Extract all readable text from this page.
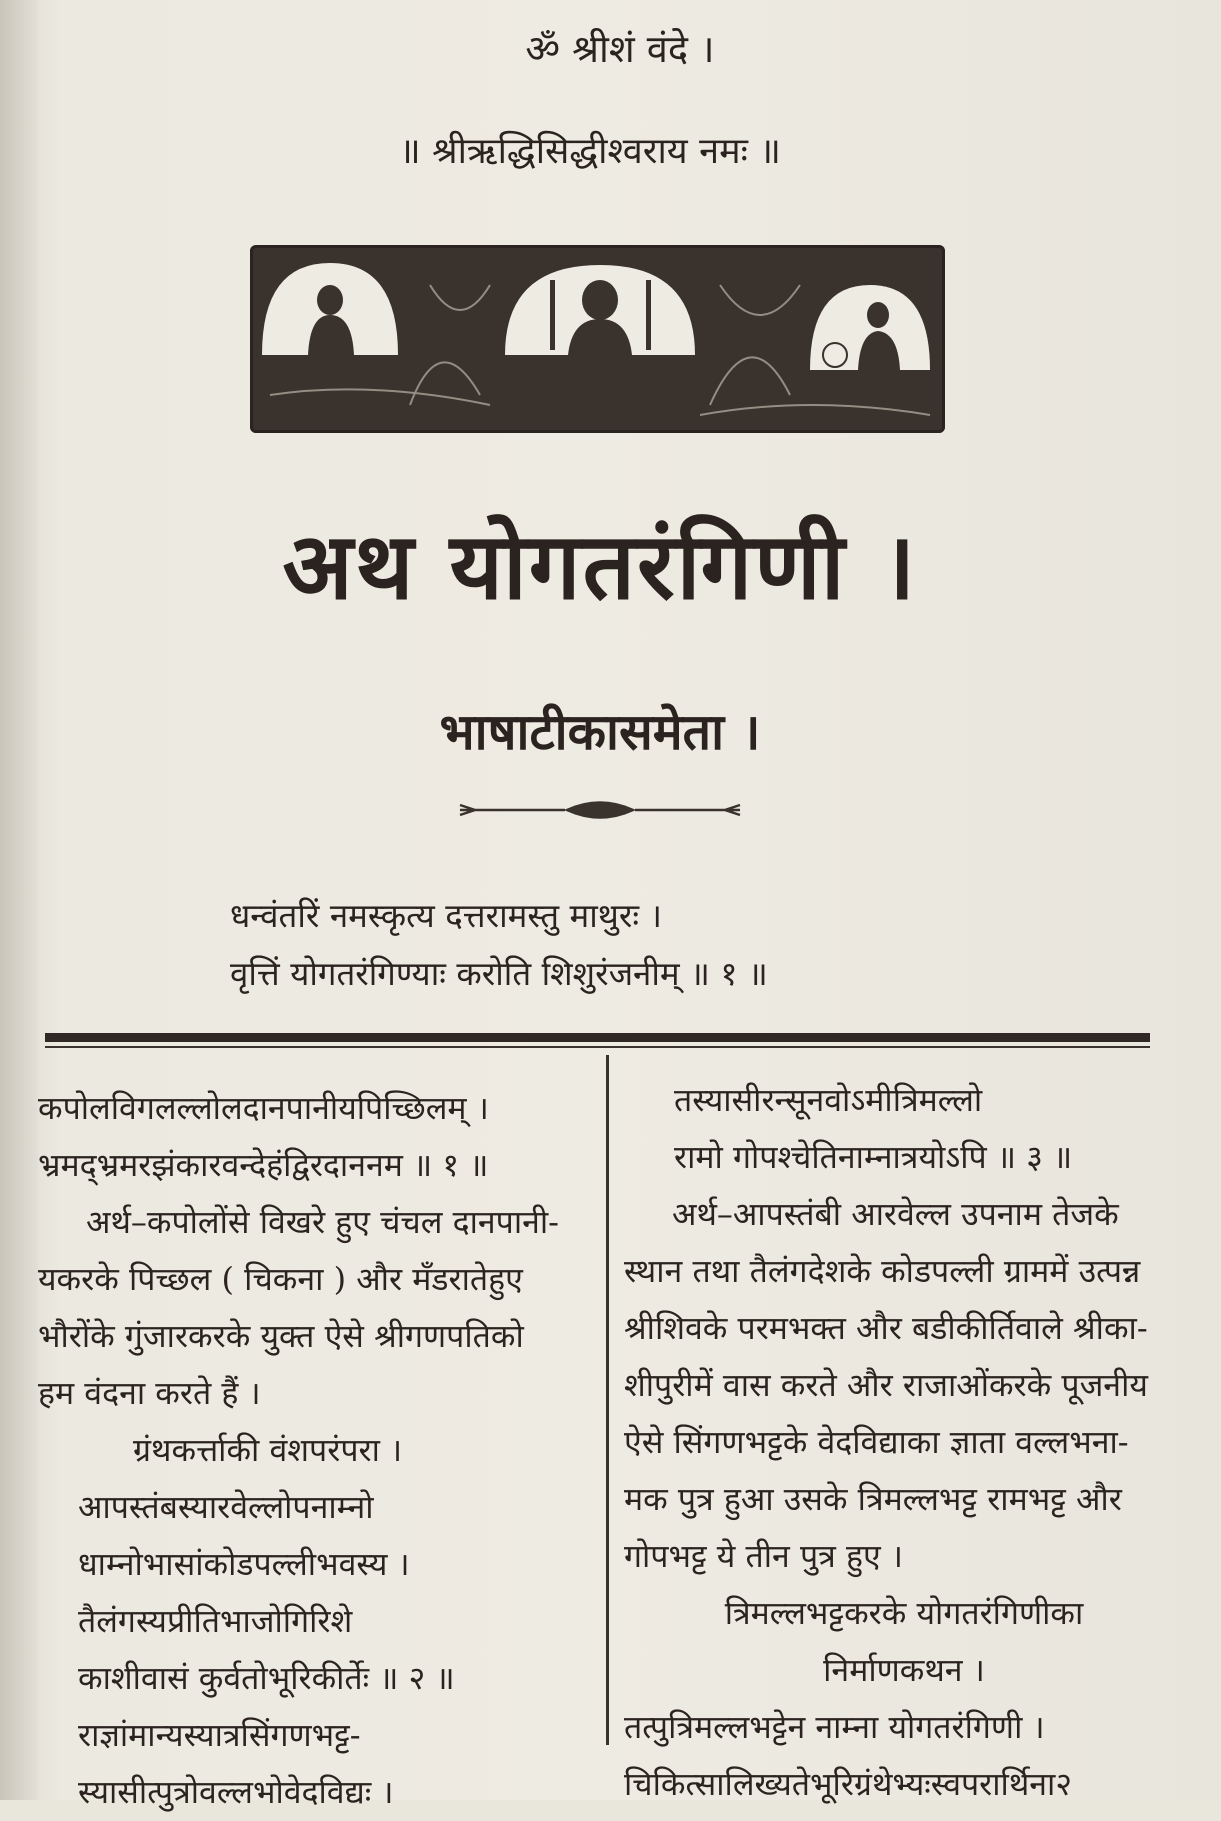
ॐ श्रीशं वंदे ।
॥ श्रीऋद्धिसिद्धीश्वराय नमः ॥
अथ योगतरंगिणी ।
भाषाटीकासमेता ।
धन्वंतरिं नमस्कृत्य दत्तरामस्तु माथुरः ।
वृत्तिं योगतरंगिण्याः करोति शिशुरंजनीम् ॥ १ ॥
कपोलविगलल्लोलदानपानीयपिच्छिलम् ।
भ्रमद्भ्रमरझंकारवन्देहंद्विरदाननम ॥ १ ॥
अर्थ–कपोलोंसे विखरे हुए चंचल दानपानी-
यकरके पिच्छल ( चिकना ) और मँडरातेहुए
भौरोंके गुंजारकरके युक्त ऐसे श्रीगणपतिको
हम वंदना करते हैं ।
ग्रंथकर्त्ताकी वंशपरंपरा ।
आपस्तंबस्यारवेल्लोपनाम्नो
धाम्नोभासांकोडपल्लीभवस्य ।
तैलंगस्यप्रीतिभाजोगिरिशे
काशीवासं कुर्वतोभूरिकीर्तेः ॥ २ ॥
राज्ञांमान्यस्यात्रसिंगणभट्ट-
स्यासीत्पुत्रोवल्लभोवेदविद्यः ।
तस्यासीरन्सूनवोऽमीत्रिमल्लो
रामो गोपश्चेतिनाम्नात्रयोऽपि ॥ ३ ॥
अर्थ–आपस्तंबी आरवेल्ल उपनाम तेजके
स्थान तथा तैलंगदेशके कोडपल्ली ग्राममें उत्पन्न
श्रीशिवके परमभक्त और बडीकीर्तिवाले श्रीका-
शीपुरीमें वास करते और राजाओंकरके पूजनीय
ऐसे सिंगणभट्टके वेदविद्याका ज्ञाता वल्लभना-
मक पुत्र हुआ उसके त्रिमल्लभट्ट रामभट्ट और
गोपभट्ट ये तीन पुत्र हुए ।
त्रिमल्लभट्टकरके योगतरंगिणीका
निर्माणकथन ।
तत्पुत्रिमल्लभट्टेन नाम्ना योगतरंगिणी ।
चिकित्सालिख्यतेभूरिग्रंथेभ्यःस्वपरार्थिना२
